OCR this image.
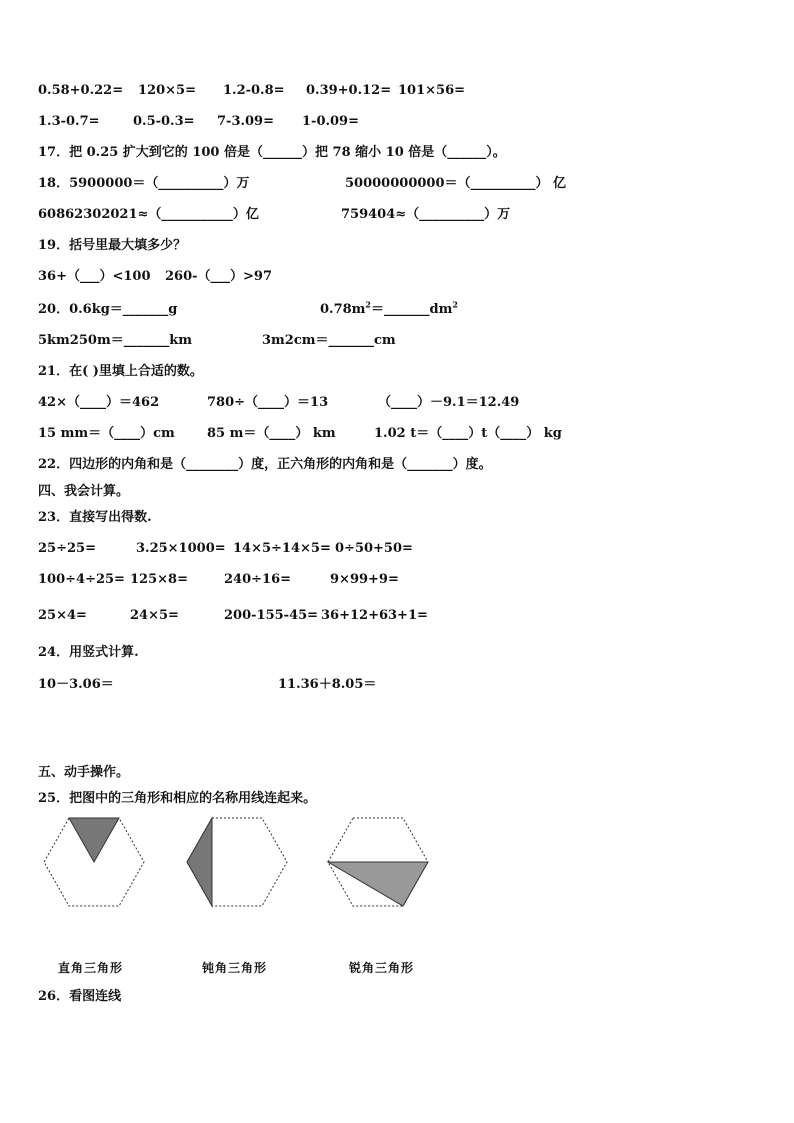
0.58+0.22= 120×5= 1.2-0.8= 0.39+0.12= 101×56=
1.3-0.7=	0.5-0.3= 7-3.09= 1-0.09=
17．把 0.25 扩大到它的 100 倍是（______）把 78 缩小 10 倍是（______）。
18．5900000＝（__________）万	50000000000＝（__________） 亿
60862302021≈（___________）亿	759404≈（__________）万
19．括号里最大填多少？
36+（___）<100 260-（___）>97
20．0.6kg＝_______g	$0.78m^2=\_\_\_\_\_\_\_dm^2$
5km250m＝_______km	3m2cm＝_______cm
21．在( )里填上合适的数。
42×（____）＝462	780÷（____）＝13	（____）－9.1＝12.49
15 mm＝（____）cm 85 m＝（____） km	1.02 t＝（____）t（____） kg
22．四边形的内角和是（________）度，正六角形的内角和是（_______）度。
四、我会计算。
23．直接写出得数.
25÷25=	3.25×1000= 14×5÷14×5= 0÷50+50=
100÷4÷25= 125×8=	240÷16=	9×99+9=
25×4=	24×5=	200-155-45= 36+12+63+1=
24．用竖式计算.
10－3.06＝	11.36＋8.05＝
五、动手操作。
25．把图中的三角形和相应的名称用线连起来。
直角三角形	钝角三角形	锐角三角形
26．看图连线
